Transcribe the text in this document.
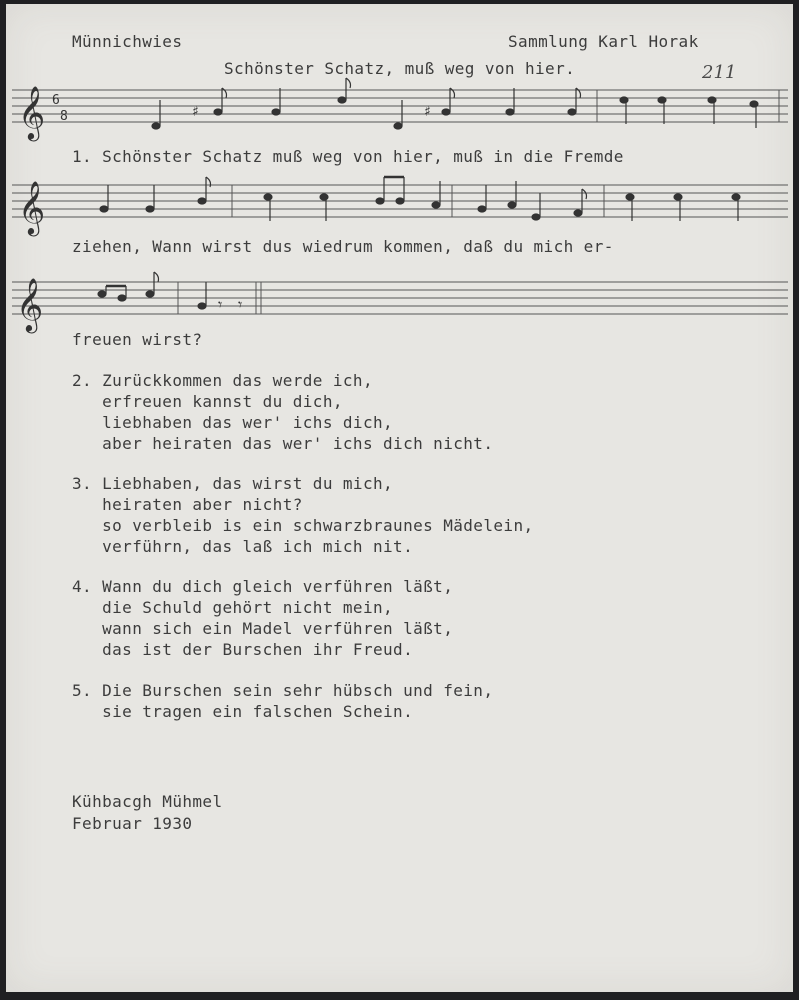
Münnichwies	Sammlung Karl Horak
Schönster Schatz, muß weg von hier.	211
𝄞 6
8	♯	♯
1. Schönster Schatz muß weg von hier, muß in die Fremde
𝄞
ziehen, Wann wirst dus wiedrum kommen, daß du mich er-
𝄞	𝄾 𝄾
freuen wirst?
2. Zurückkommen das werde ich,
erfreuen kannst du dich,
liebhaben das wer' ichs dich,
aber heiraten das wer' ichs dich nicht.
3. Liebhaben, das wirst du mich,
heiraten aber nicht?
so verbleib is ein schwarzbraunes Mädelein,
verführn, das laß ich mich nit.
4. Wann du dich gleich verführen läßt,
die Schuld gehört nicht mein,
wann sich ein Madel verführen läßt,
das ist der Burschen ihr Freud.
5. Die Burschen sein sehr hübsch und fein,
sie tragen ein falschen Schein.
Kühbacgh Mühmel
Februar 1930
